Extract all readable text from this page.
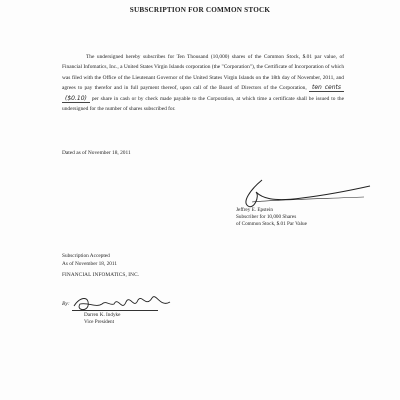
SUBSCRIPTION FOR COMMON STOCK
The undersigned hereby subscribes for Ten Thousand (10,000) shares of the Common Stock, $.01 par value, of Financial Infomatics, Inc., a United States Virgin Islands corporation (the "Corporation"), the Certificate of Incorporation of which was filed with the Office of the Lieutenant Governor of the United States Virgin Islands on the 18th day of November, 2011, and agrees to pay therefor and in full payment thereof, upon call of the Board of Directors of the Corporation, ten cents ($0.10) per share in cash or by check made payable to the Corporation, at which time a certificate shall be issued to the undersigned for the number of shares subscribed for.
Dated as of November 18, 2011
Jeffrey E. Epstein
Subscriber for 10,000 Shares
of Common Stock, $.01 Par Value
Subscription Accepted
As of November 18, 2011
FINANCIAL INFOMATICS, INC.
By:
Darren K. Indyke
Vice President
